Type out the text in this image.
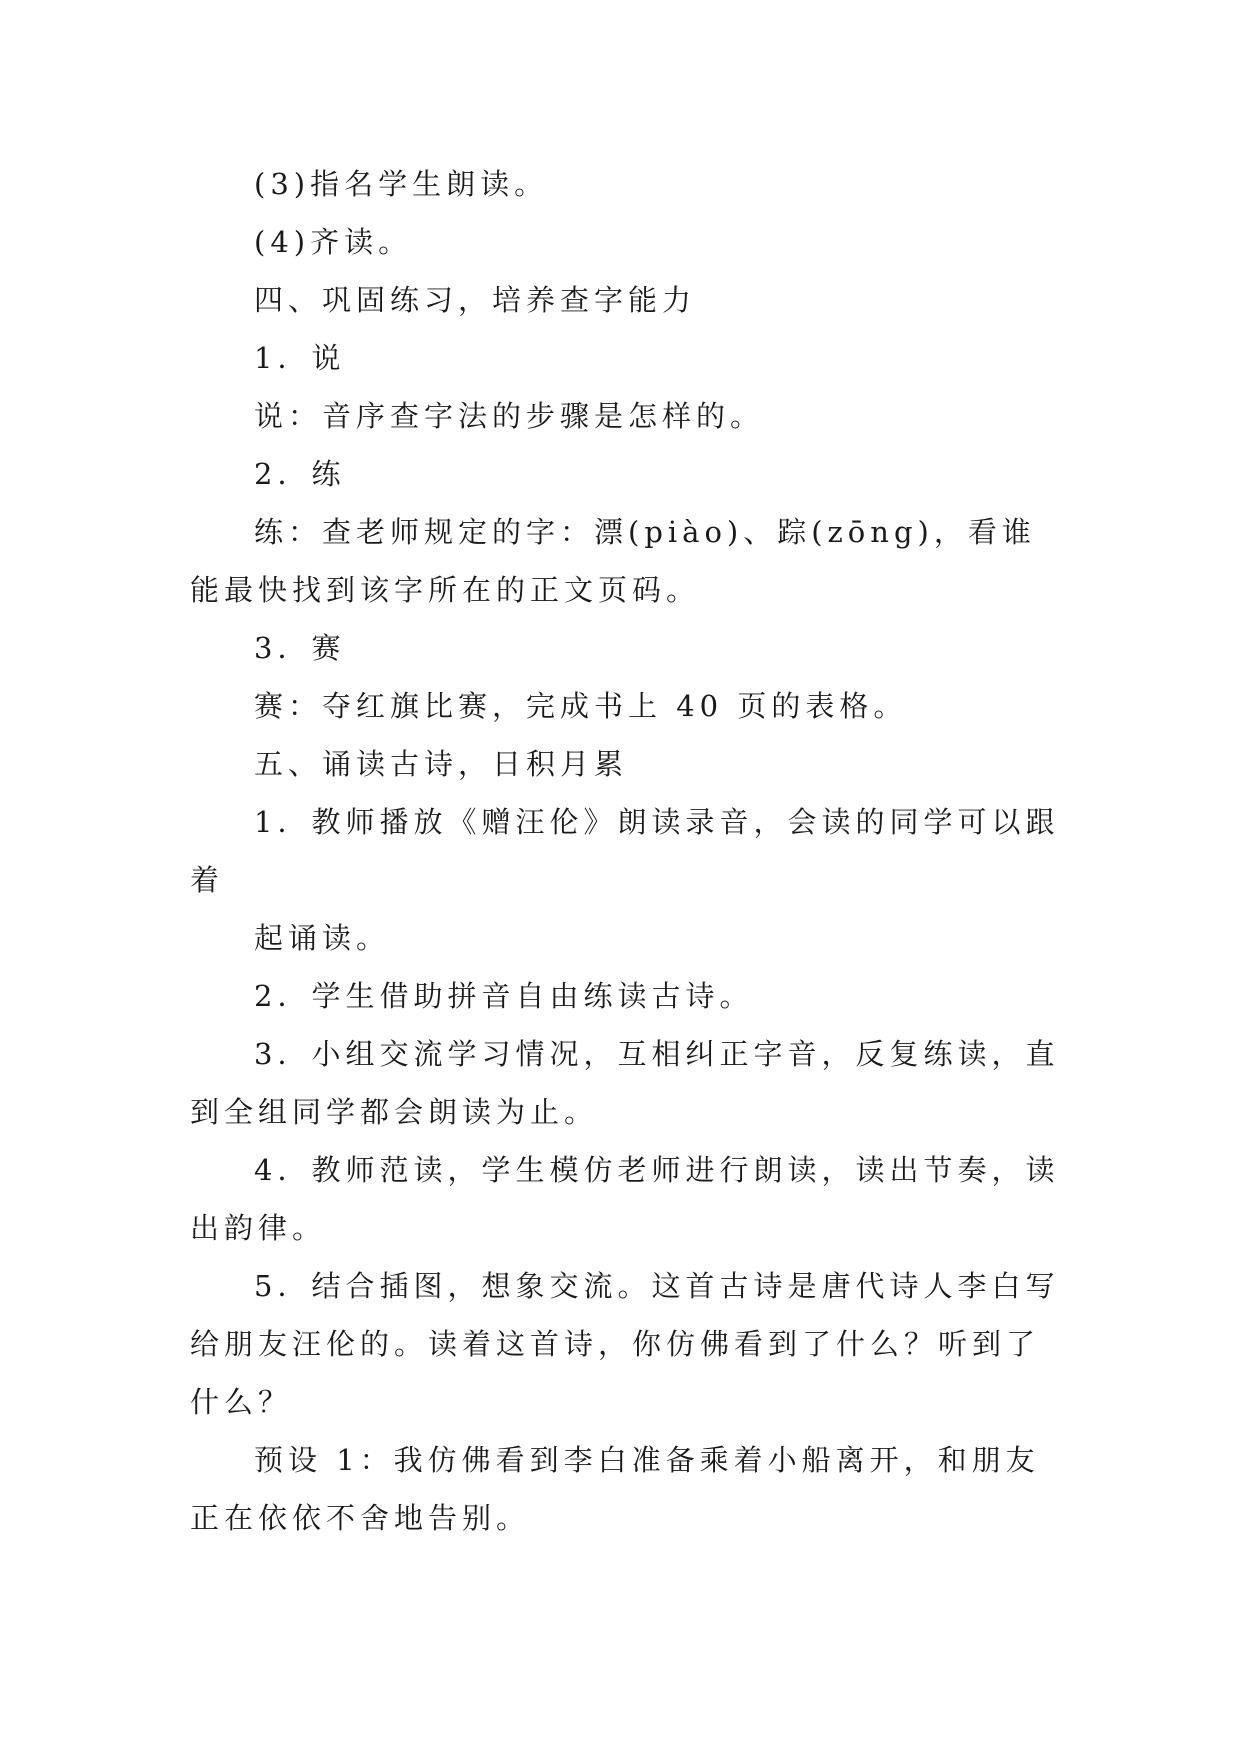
(3)指名学生朗读。

(4)齐读。

四、巩固练习，培养查字能力

1．说

说：音序查字法的步骤是怎样的。

2．练

练：查老师规定的字：漂(piào)、踪(zōng)，看谁能最快找到该字所在的正文页码。

3．赛

赛：夺红旗比赛，完成书上 40 页的表格。

五、诵读古诗，日积月累

1．教师播放《赠汪伦》朗读录音，会读的同学可以跟着

起诵读。

2．学生借助拼音自由练读古诗。

3．小组交流学习情况，互相纠正字音，反复练读，直到全组同学都会朗读为止。

4．教师范读，学生模仿老师进行朗读，读出节奏，读出韵律。

5．结合插图，想象交流。这首古诗是唐代诗人李白写给朋友汪伦的。读着这首诗，你仿佛看到了什么？听到了什么？

预设 1：我仿佛看到李白准备乘着小船离开，和朋友正在依依不舍地告别。
